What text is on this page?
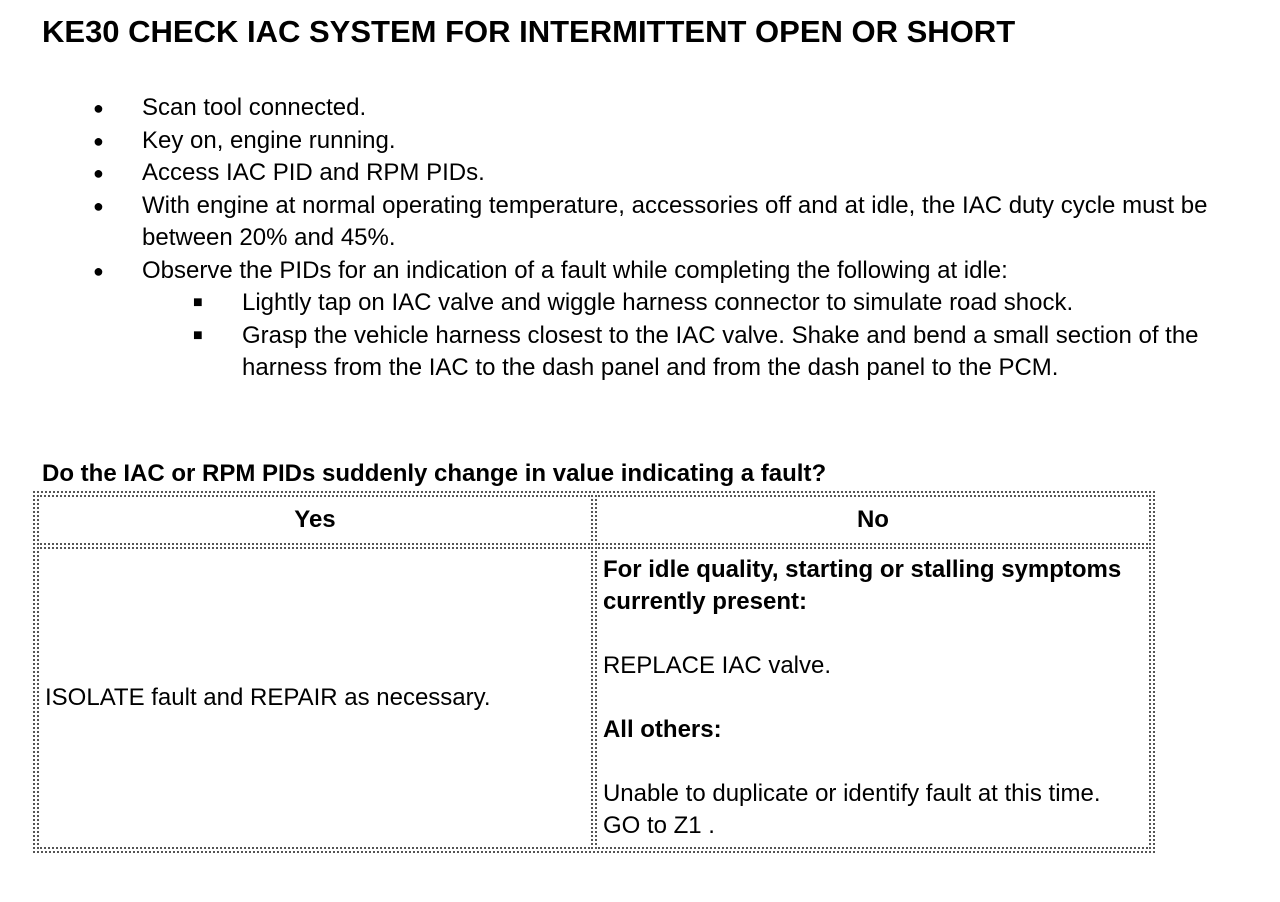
KE30 CHECK IAC SYSTEM FOR INTERMITTENT OPEN OR SHORT
● Scan tool connected.
● Key on, engine running.
● Access IAC PID and RPM PIDs.
● With engine at normal operating temperature, accessories off and at idle, the IAC duty cycle must be between 20% and 45%.
● Observe the PIDs for an indication of a fault while completing the following at idle:
■ Lightly tap on IAC valve and wiggle harness connector to simulate road shock.
■ Grasp the vehicle harness closest to the IAC valve. Shake and bend a small section of the harness from the IAC to the dash panel and from the dash panel to the PCM.

Do the IAC or RPM PIDs suddenly change in value indicating a fault?

Yes	No
ISOLATE fault and REPAIR as necessary.	For idle quality, starting or stalling symptoms currently present:

REPLACE IAC valve.

All others:

Unable to duplicate or identify fault at this time. GO to Z1 .
